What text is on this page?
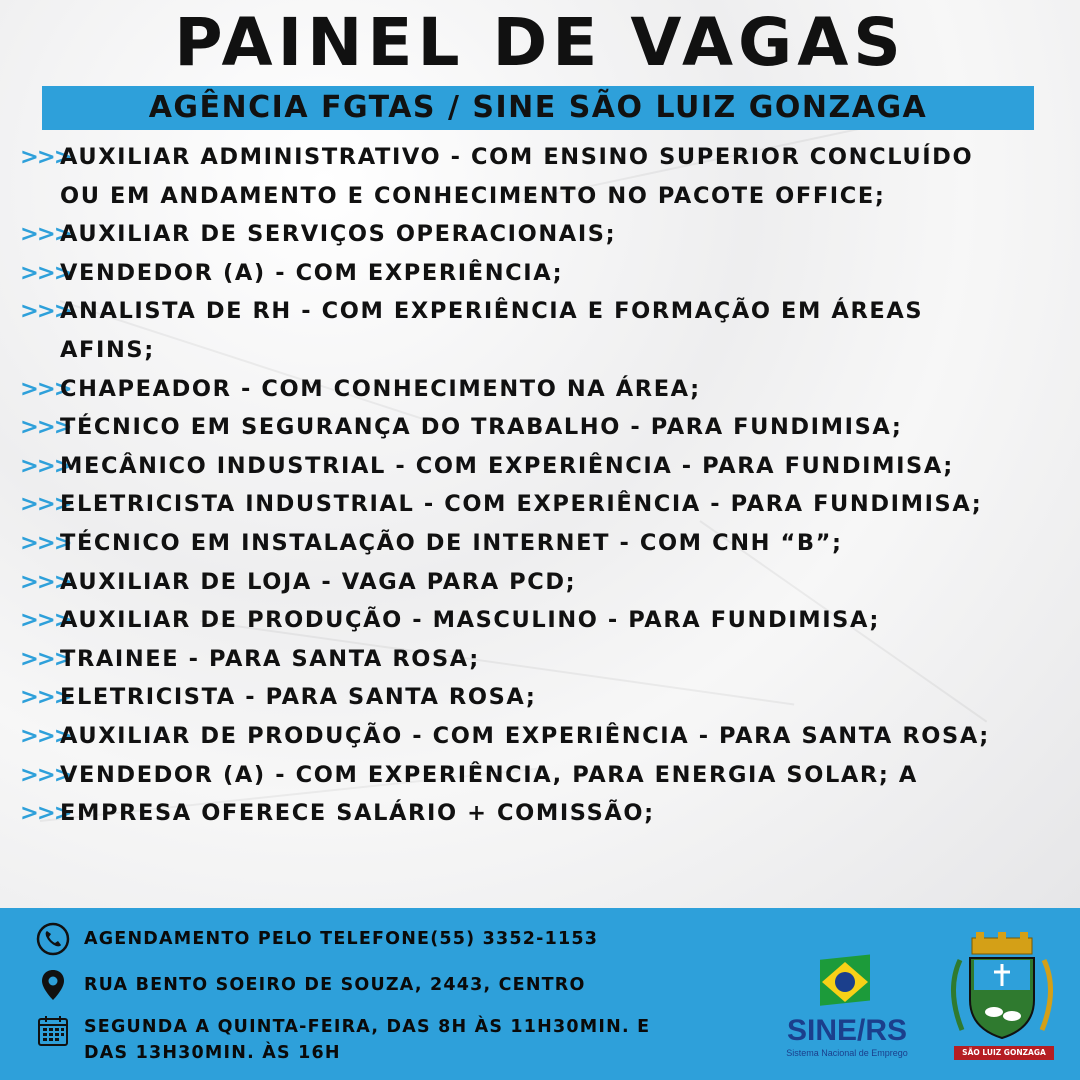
PAINEL DE VAGAS
AGÊNCIA FGTAS / SINE SÃO LUIZ GONZAGA
>>>
AUXILIAR ADMINISTRATIVO - COM ENSINO SUPERIOR CONCLUÍDO
OU EM ANDAMENTO E CONHECIMENTO NO PACOTE OFFICE;
>>>
AUXILIAR DE SERVIÇOS OPERACIONAIS;
>>>
VENDEDOR (A) - COM EXPERIÊNCIA;
>>>
ANALISTA DE RH - COM EXPERIÊNCIA E FORMAÇÃO EM ÁREAS
AFINS;
>>>
CHAPEADOR - COM CONHECIMENTO NA ÁREA;
>>>
TÉCNICO EM SEGURANÇA DO TRABALHO - PARA FUNDIMISA;
>>>
MECÂNICO INDUSTRIAL - COM EXPERIÊNCIA - PARA FUNDIMISA;
>>>
ELETRICISTA INDUSTRIAL - COM EXPERIÊNCIA - PARA FUNDIMISA;
>>>
TÉCNICO EM INSTALAÇÃO DE INTERNET - COM CNH “B”;
>>>
AUXILIAR DE LOJA - VAGA PARA PCD;
>>>
AUXILIAR DE PRODUÇÃO - MASCULINO - PARA FUNDIMISA;
>>>
TRAINEE - PARA SANTA ROSA;
>>>
ELETRICISTA - PARA SANTA ROSA;
>>>
AUXILIAR DE PRODUÇÃO - COM EXPERIÊNCIA - PARA SANTA ROSA;
>>>
VENDEDOR (A) - COM EXPERIÊNCIA, PARA ENERGIA SOLAR; A
>>>
EMPRESA OFERECE SALÁRIO + COMISSÃO;
AGENDAMENTO PELO TELEFONE(55) 3352-1153
RUA BENTO SOEIRO DE SOUZA, 2443, CENTRO
SEGUNDA A QUINTA-FEIRA, DAS 8H ÀS 11H30MIN. E
DAS 13H30MIN. ÀS 16H
SINE/RS
Sistema Nacional de Emprego	SÃO LUIZ GONZAGA
